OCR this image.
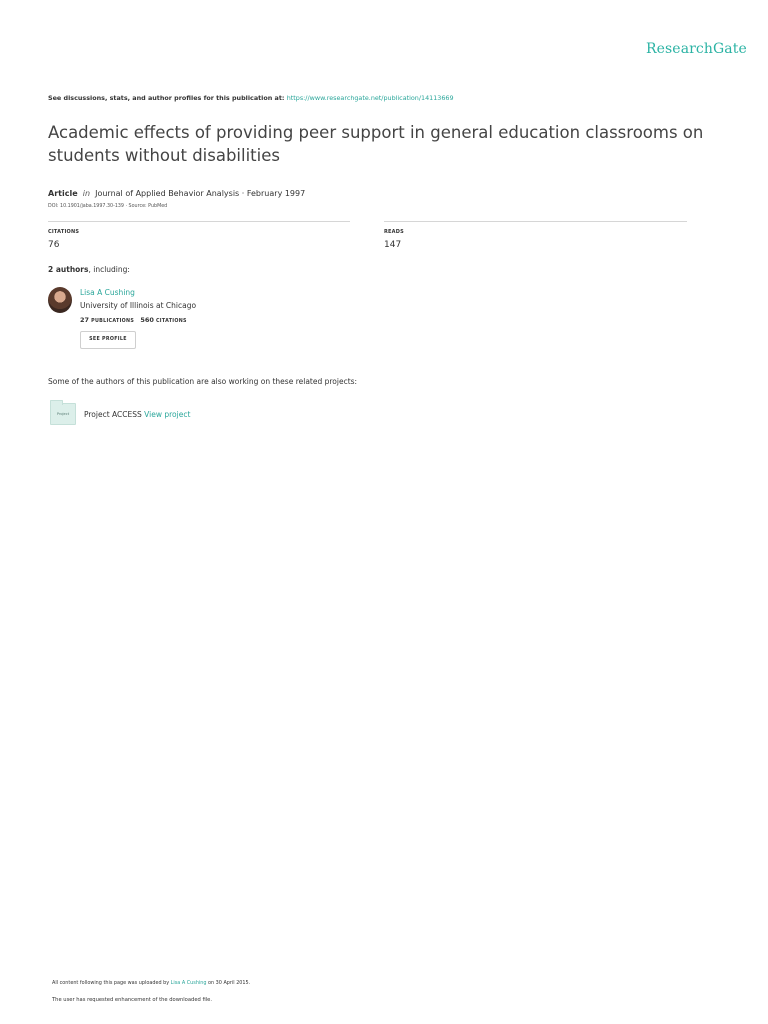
ResearchGate
See discussions, stats, and author profiles for this publication at: https://www.researchgate.net/publication/14113669
Academic effects of providing peer support in general education classrooms on students without disabilities
Article in Journal of Applied Behavior Analysis · February 1997
DOI: 10.1901/jaba.1997.30-139 · Source: PubMed
CITATIONS
76
READS
147
2 authors, including:
Lisa A Cushing
University of Illinois at Chicago
27 PUBLICATIONS 560 CITATIONS
SEE PROFILE
Some of the authors of this publication are also working on these related projects:
Project	Project ACCESS View project
All content following this page was uploaded by Lisa A Cushing on 30 April 2015.
The user has requested enhancement of the downloaded file.
